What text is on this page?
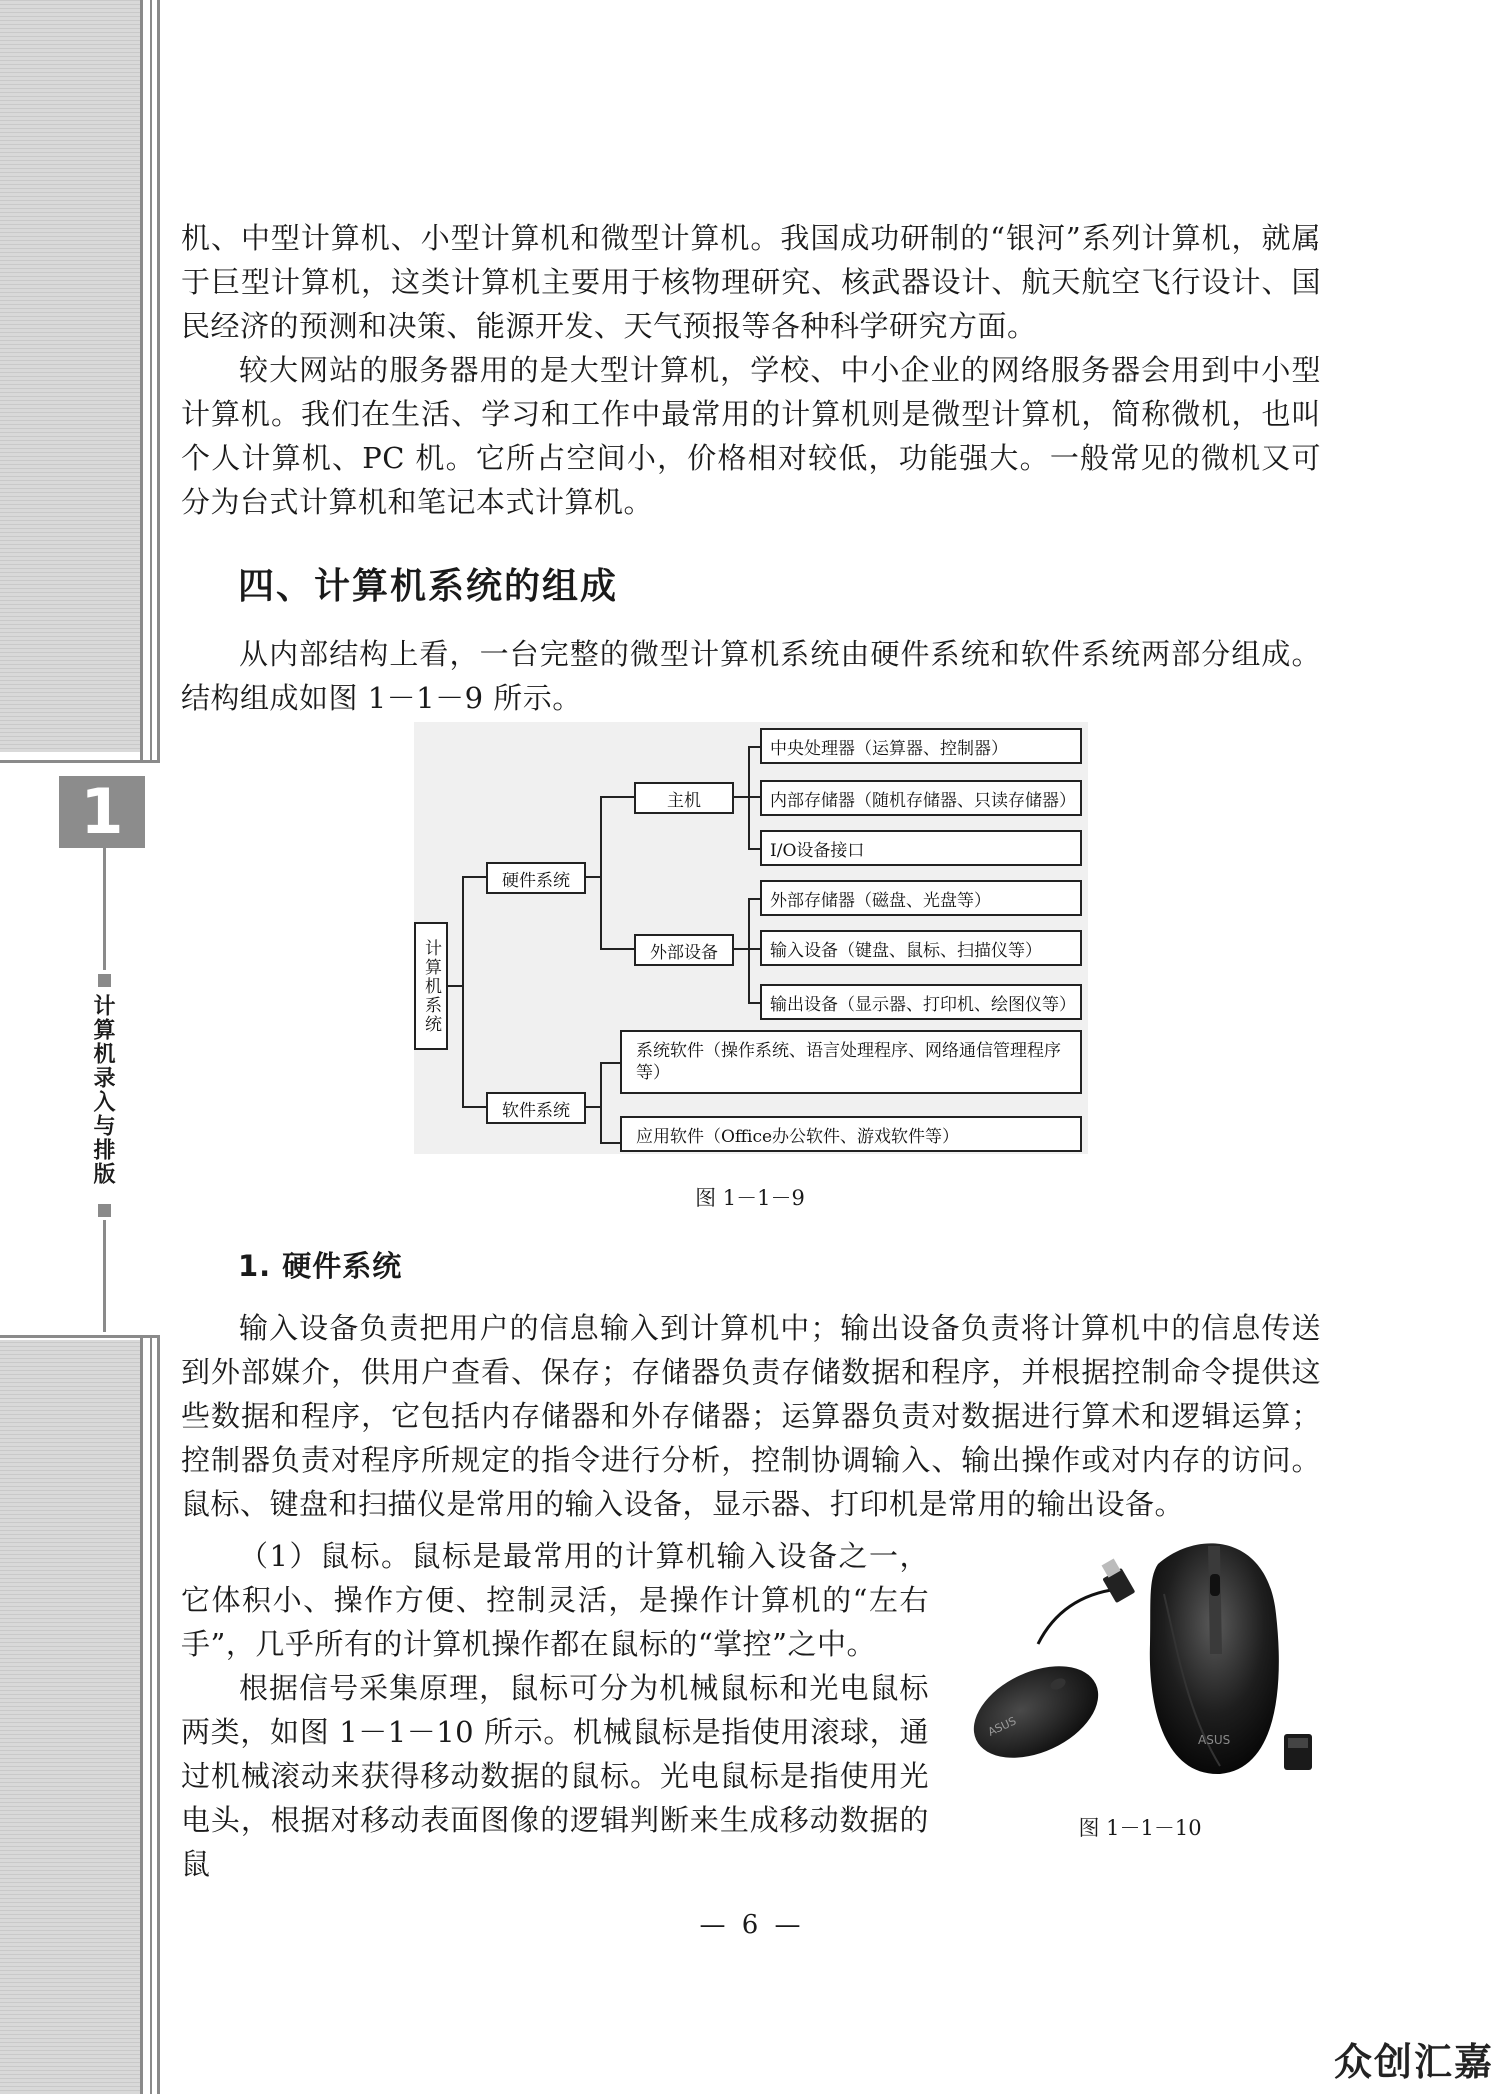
1
计算机录入与排版

机、中型计算机、小型计算机和微型计算机。我国成功研制的“银河”系列计算机，就属于巨型计算机，这类计算机主要用于核物理研究、核武器设计、航天航空飞行设计、国民经济的预测和决策、能源开发、天气预报等各种科学研究方面。

较大网站的服务器用的是大型计算机，学校、中小企业的网络服务器会用到中小型计算机。我们在生活、学习和工作中最常用的计算机则是微型计算机，简称微机，也叫个人计算机、PC 机。它所占空间小，价格相对较低，功能强大。一般常见的微机又可分为台式计算机和笔记本式计算机。

四、计算机系统的组成

从内部结构上看，一台完整的微型计算机系统由硬件系统和软件系统两部分组成。结构组成如图 1－1－9 所示。

计算机系统
硬件系统
软件系统
主机
外部设备
中央处理器（运算器、控制器）
内部存储器（随机存储器、只读存储器）
I/O设备接口
外部存储器（磁盘、光盘等）
输入设备（键盘、鼠标、扫描仪等）
输出设备（显示器、打印机、绘图仪等）
系统软件（操作系统、语言处理程序、网络通信管理程序等）
应用软件（Office办公软件、游戏软件等）
图 1－1－9
1. 硬件系统

输入设备负责把用户的信息输入到计算机中；输出设备负责将计算机中的信息传送到外部媒介，供用户查看、保存；存储器负责存储数据和程序，并根据控制命令提供这些数据和程序，它包括内存储器和外存储器；运算器负责对数据进行算术和逻辑运算；控制器负责对程序所规定的指令进行分析，控制协调输入、输出操作或对内存的访问。鼠标、键盘和扫描仪是常用的输入设备，显示器、打印机是常用的输出设备。

（1）鼠标。鼠标是最常用的计算机输入设备之一，它体积小、操作方便、控制灵活，是操作计算机的“左右手”，几乎所有的计算机操作都在鼠标的“掌控”之中。

根据信号采集原理，鼠标可分为机械鼠标和光电鼠标两类，如图 1－1－10 所示。机械鼠标是指使用滚球，通过机械滚动来获得移动数据的鼠标。光电鼠标是指使用光电头，根据对移动表面图像的逻辑判断来生成移动数据的鼠

ASUS
ASUS
图 1－1－10
— 6 —
众创汇嘉
